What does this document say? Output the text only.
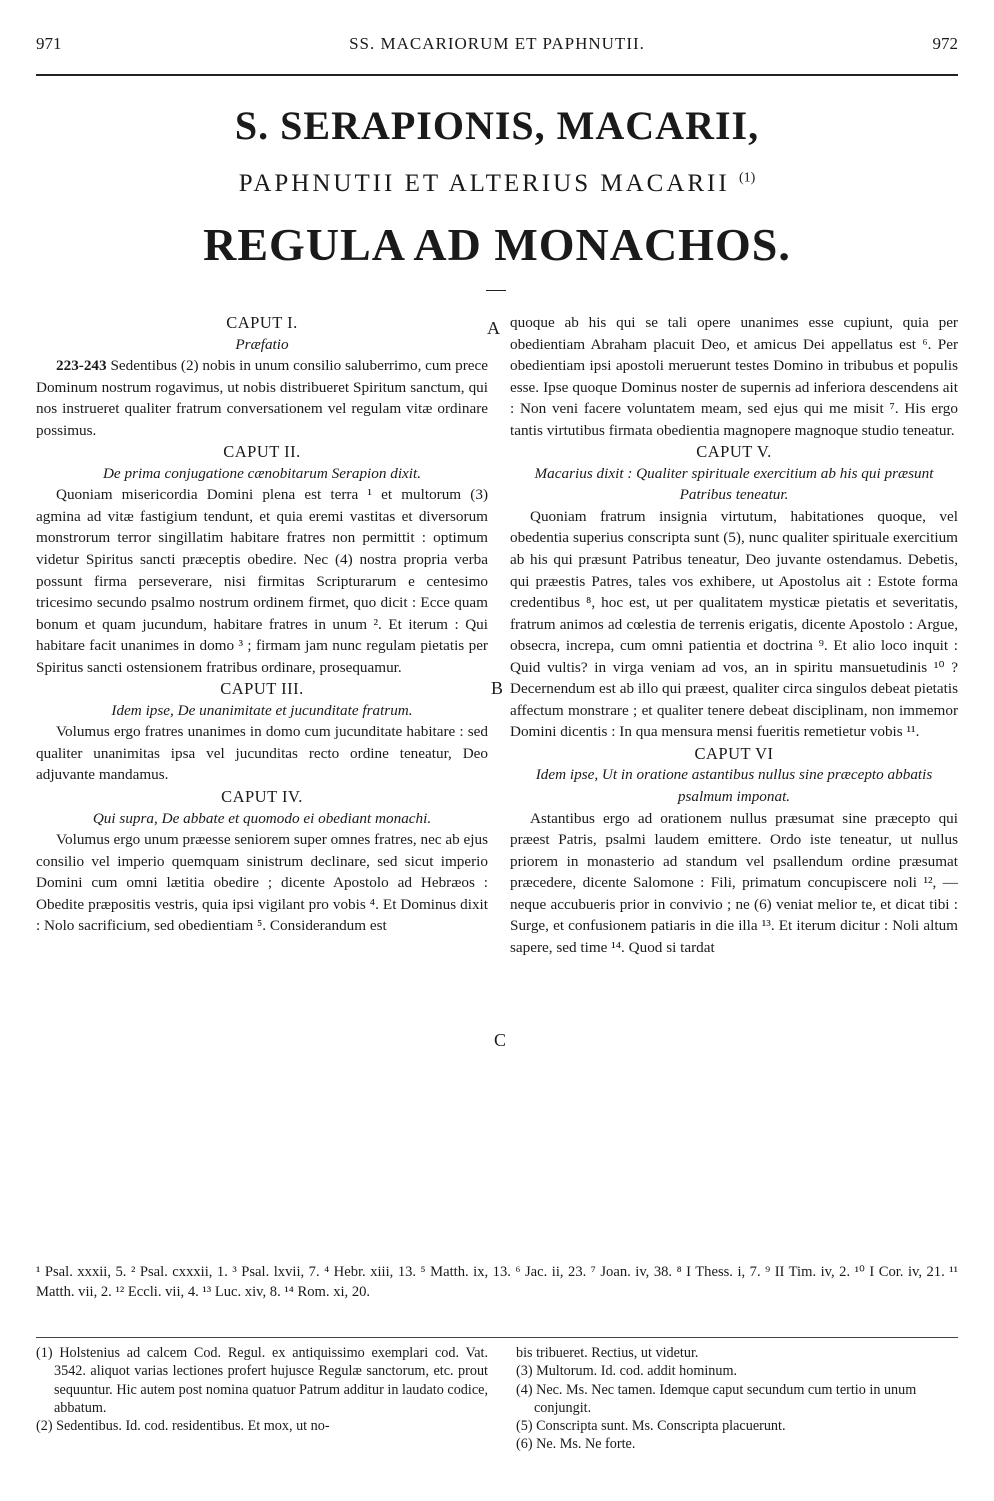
971	SS. MACARIORUM ET PAPHNUTII.	972
S. SERAPIONIS, MACARII,
PAPHNUTII ET ALTERIUS MACARII $^{(1)}$
REGULA AD MONACHOS.
CAPUT I.
Præfatio

223-243 Sedentibus (2) nobis in unum consilio saluberrimo, cum prece Dominum nostrum rogavimus, ut nobis distribueret Spiritum sanctum, qui nos instrueret qualiter fratrum conversationem vel regulam vitæ ordinare possimus.

CAPUT II.
De prima conjugatione cænobitarum Serapion dixit.

Quoniam misericordia Domini plena est terra ¹ et multorum (3) agmina ad vitæ fastigium tendunt, et quia eremi vastitas et diversorum monstrorum terror singillatim habitare fratres non permittit : optimum videtur Spiritus sancti præceptis obedire. Nec (4) nostra propria verba possunt firma perseverare, nisi firmitas Scripturarum e centesimo tricesimo secundo psalmo nostrum ordinem firmet, quo dicit : Ecce quam bonum et quam jucundum, habitare fratres in unum ². Et iterum : Qui habitare facit unanimes in domo ³ ; firmam jam nunc regulam pietatis per Spiritus sancti ostensionem fratribus ordinare, prosequamur.

CAPUT III.
Idem ipse, De unanimitate et jucunditate fratrum.

Volumus ergo fratres unanimes in domo cum jucunditate habitare : sed qualiter unanimitas ipsa vel jucunditas recto ordine teneatur, Deo adjuvante mandamus.

CAPUT IV.
Qui supra, De abbate et quomodo ei obediant monachi.

Volumus ergo unum præesse seniorem super omnes fratres, nec ab ejus consilio vel imperio quemquam sinistrum declinare, sed sicut imperio Domini cum omni lætitia obedire ; dicente Apostolo ad Hebræos : Obedite præpositis vestris, quia ipsi vigilant pro vobis ⁴. Et Dominus dixit : Nolo sacrificium, sed obedientiam ⁵. Considerandum est

A
B
C

quoque ab his qui se tali opere unanimes esse cupiunt, quia per obedientiam Abraham placuit Deo, et amicus Dei appellatus est ⁶. Per obedientiam ipsi apostoli meruerunt testes Domino in tribubus et populis esse. Ipse quoque Dominus noster de supernis ad inferiora descendens ait : Non veni facere voluntatem meam, sed ejus qui me misit ⁷. His ergo tantis virtutibus firmata obedientia magnopere magnoque studio teneatur.

CAPUT V.
Macarius dixit : Qualiter spirituale exercitium ab his qui præsunt Patribus teneatur.

Quoniam fratrum insignia virtutum, habitationes quoque, vel obedentia superius conscripta sunt (5), nunc qualiter spirituale exercitium ab his qui præsunt Patribus teneatur, Deo juvante ostendamus. Debetis, qui præestis Patres, tales vos exhibere, ut Apostolus ait : Estote forma credentibus ⁸, hoc est, ut per qualitatem mysticæ pietatis et severitatis, fratrum animos ad cœlestia de terrenis erigatis, dicente Apostolo : Argue, obsecra, increpa, cum omni patientia et doctrina ⁹. Et alio loco inquit : Quid vultis? in virga veniam ad vos, an in spiritu mansuetudinis ¹⁰ ? Decernendum est ab illo qui præest, qualiter circa singulos debeat pietatis affectum monstrare ; et qualiter tenere debeat disciplinam, non immemor Domini dicentis : In qua mensura mensi fueritis remetietur vobis ¹¹.

CAPUT VI
Idem ipse, Ut in oratione astantibus nullus sine præcepto abbatis psalmum imponat.

Astantibus ergo ad orationem nullus præsumat sine præcepto qui præest Patris, psalmi laudem emittere. Ordo iste teneatur, ut nullus priorem in monasterio ad standum vel psallendum ordine præsumat præcedere, dicente Salomone : Fili, primatum concupiscere noli ¹², — neque accubueris prior in convivio ; ne (6) veniat melior te, et dicat tibi : Surge, et confusionem patiaris in die illa ¹³. Et iterum dicitur : Noli altum sapere, sed time ¹⁴. Quod si tardat

¹ Psal. xxxii, 5. ² Psal. cxxxii, 1. ³ Psal. lxvii, 7. ⁴ Hebr. xiii, 13. ⁵ Matth. ix, 13. ⁶ Jac. ii, 23. ⁷ Joan. iv, 38. ⁸ I Thess. i, 7. ⁹ II Tim. iv, 2. ¹⁰ I Cor. iv, 21. ¹¹ Matth. vii, 2. ¹² Eccli. vii, 4. ¹³ Luc. xiv, 8. ¹⁴ Rom. xi, 20.

(1) Holstenius ad calcem Cod. Regul. ex antiquissimo exemplari cod. Vat. 3542. aliquot varias lectiones profert hujusce Regulæ sanctorum, etc. prout sequuntur. Hic autem post nomina quatuor Patrum additur in laudato codice, abbatum.

(2) Sedentibus. Id. cod. residentibus. Et mox, ut no-

bis tribueret. Rectius, ut videtur.

(3) Multorum. Id. cod. addit hominum.

(4) Nec. Ms. Nec tamen. Idemque caput secundum cum tertio in unum conjungit.

(5) Conscripta sunt. Ms. Conscripta placuerunt.

(6) Ne. Ms. Ne forte.
